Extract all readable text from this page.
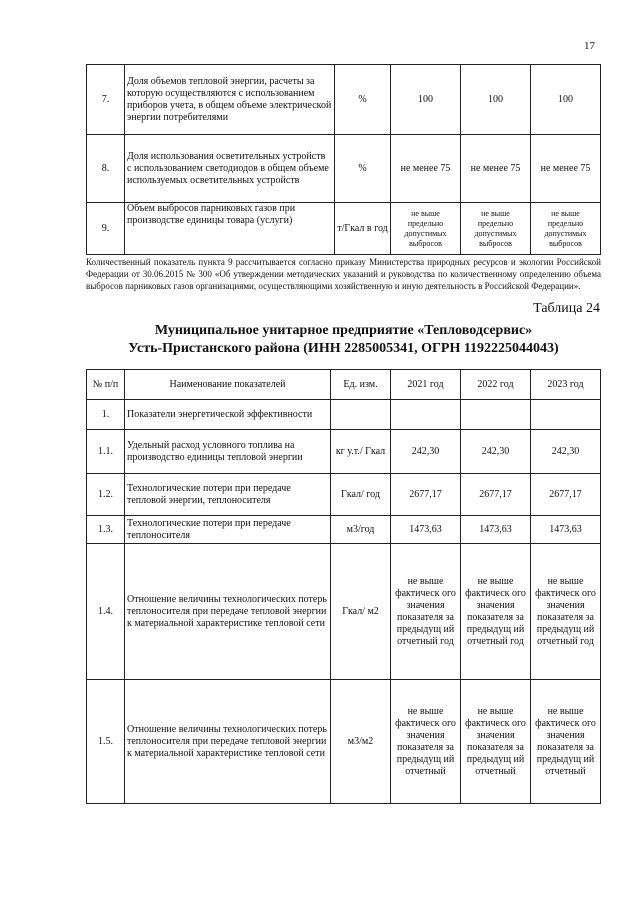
17
7.	Доля объемов тепловой энергии, расчеты за которую осуществляются с использованием приборов учета, в общем объеме электрической энергии потребителями	%	100	100	100
8.	Доля использования осветительных устройств с использованием светодиодов в общем объеме используемых осветительных устройств	%	не менее 75	не менее 75	не менее 75
9.	Объем выбросов парниковых газов при производстве единицы товара (услуги)	т/Гкал в год	не выше предельно допустимых выбросов	не выше предельно допустимых выбросов	не выше предельно допустимых выбросов
Количественный показатель пункта 9 рассчитывается согласно приказу Министерства природных ресурсов и экологии Российской Федерации от 30.06.2015 № 300 «Об утверждении методических указаний и руководства по количественному определению объема выбросов парниковых газов организациями, осуществляющими хозяйственную и иную деятельность в Российской Федерации».
Таблица 24
Муниципальное унитарное предприятие «Тепловодсервис»
Усть-Пристанского района (ИНН 2285005341, ОГРН 1192225044043)
№ п/п	Наименование показателей	Ед. изм.	2021 год	2022 год	2023 год
1.	Показатели энергетической эффективности				
1.1.	Удельный расход условного топлива на производство единицы тепловой энергии	кг у.т./ Гкал	242,30	242,30	242,30
1.2.	Технологические потери при передаче тепловой энергии, теплоносителя	Гкал/ год	2677,17	2677,17	2677,17
1.3.	Технологические потери при передаче теплоносителя	м3/год	1473,63	1473,63	1473,63
1.4.	Отношение величины технологических потерь теплоносителя при передаче тепловой энергии к материальной характеристике тепловой сети	Гкал/ м2	не выше фактическ ого значения показателя за предыдущ ий отчетный год	не выше фактическ ого значения показателя за предыдущ ий отчетный год	не выше фактическ ого значения показателя за предыдущ ий отчетный год
1.5.	Отношение величины технологических потерь теплоносителя при передаче тепловой энергии к материальной характеристике тепловой сети	м3/м2	не выше фактическ ого значения показателя за предыдущ ий отчетный	не выше фактическ ого значения показателя за предыдущ ий отчетный	не выше фактическ ого значения показателя за предыдущ ий отчетный
